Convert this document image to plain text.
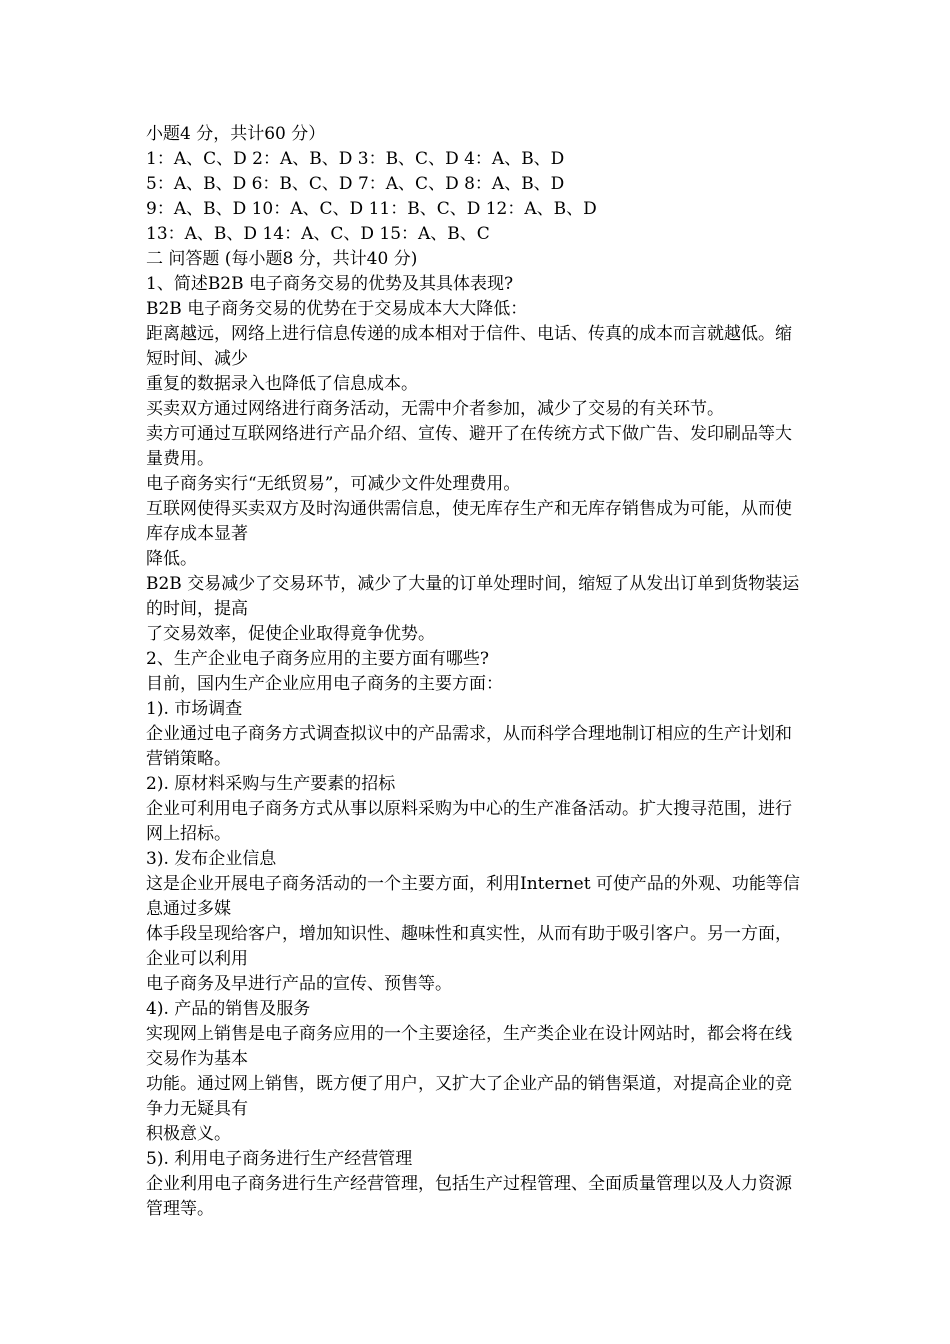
小题4 分，共计60 分）
1：A、C、D 2：A、B、D 3：B、C、D 4：A、B、D
5：A、B、D 6：B、C、D 7：A、C、D 8：A、B、D
9：A、B、D 10：A、C、D 11：B、C、D 12：A、B、D
13：A、B、D 14：A、C、D 15：A、B、C
二 问答题 (每小题8 分，共计40 分)
1、简述B2B 电子商务交易的优势及其具体表现?
B2B 电子商务交易的优势在于交易成本大大降低：
距离越远，网络上进行信息传递的成本相对于信件、电话、传真的成本而言就越低。缩短时间、减少
重复的数据录入也降低了信息成本。
买卖双方通过网络进行商务活动，无需中介者参加，减少了交易的有关环节。
卖方可通过互联网络进行产品介绍、宣传、避开了在传统方式下做广告、发印刷品等大量费用。
电子商务实行“无纸贸易”，可减少文件处理费用。
互联网使得买卖双方及时沟通供需信息，使无库存生产和无库存销售成为可能，从而使库存成本显著
降低。
B2B 交易减少了交易环节，减少了大量的订单处理时间，缩短了从发出订单到货物装运的时间，提高
了交易效率，促使企业取得竟争优势。
2、生产企业电子商务应用的主要方面有哪些?
目前，国内生产企业应用电子商务的主要方面：
1). 市场调查
企业通过电子商务方式调查拟议中的产品需求，从而科学合理地制订相应的生产计划和营销策略。
2). 原材料采购与生产要素的招标
企业可利用电子商务方式从事以原料采购为中心的生产准备活动。扩大搜寻范围，进行网上招标。
3). 发布企业信息
这是企业开展电子商务活动的一个主要方面，利用Internet 可使产品的外观、功能等信息通过多媒
体手段呈现给客户，增加知识性、趣味性和真实性，从而有助于吸引客户。另一方面，企业可以利用
电子商务及早进行产品的宣传、预售等。
4). 产品的销售及服务
实现网上销售是电子商务应用的一个主要途径，生产类企业在设计网站时，都会将在线交易作为基本
功能。通过网上销售，既方便了用户，又扩大了企业产品的销售渠道，对提高企业的竞争力无疑具有
积极意义。
5). 利用电子商务进行生产经营管理
企业利用电子商务进行生产经营管理，包括生产过程管理、全面质量管理以及人力资源管理等。
